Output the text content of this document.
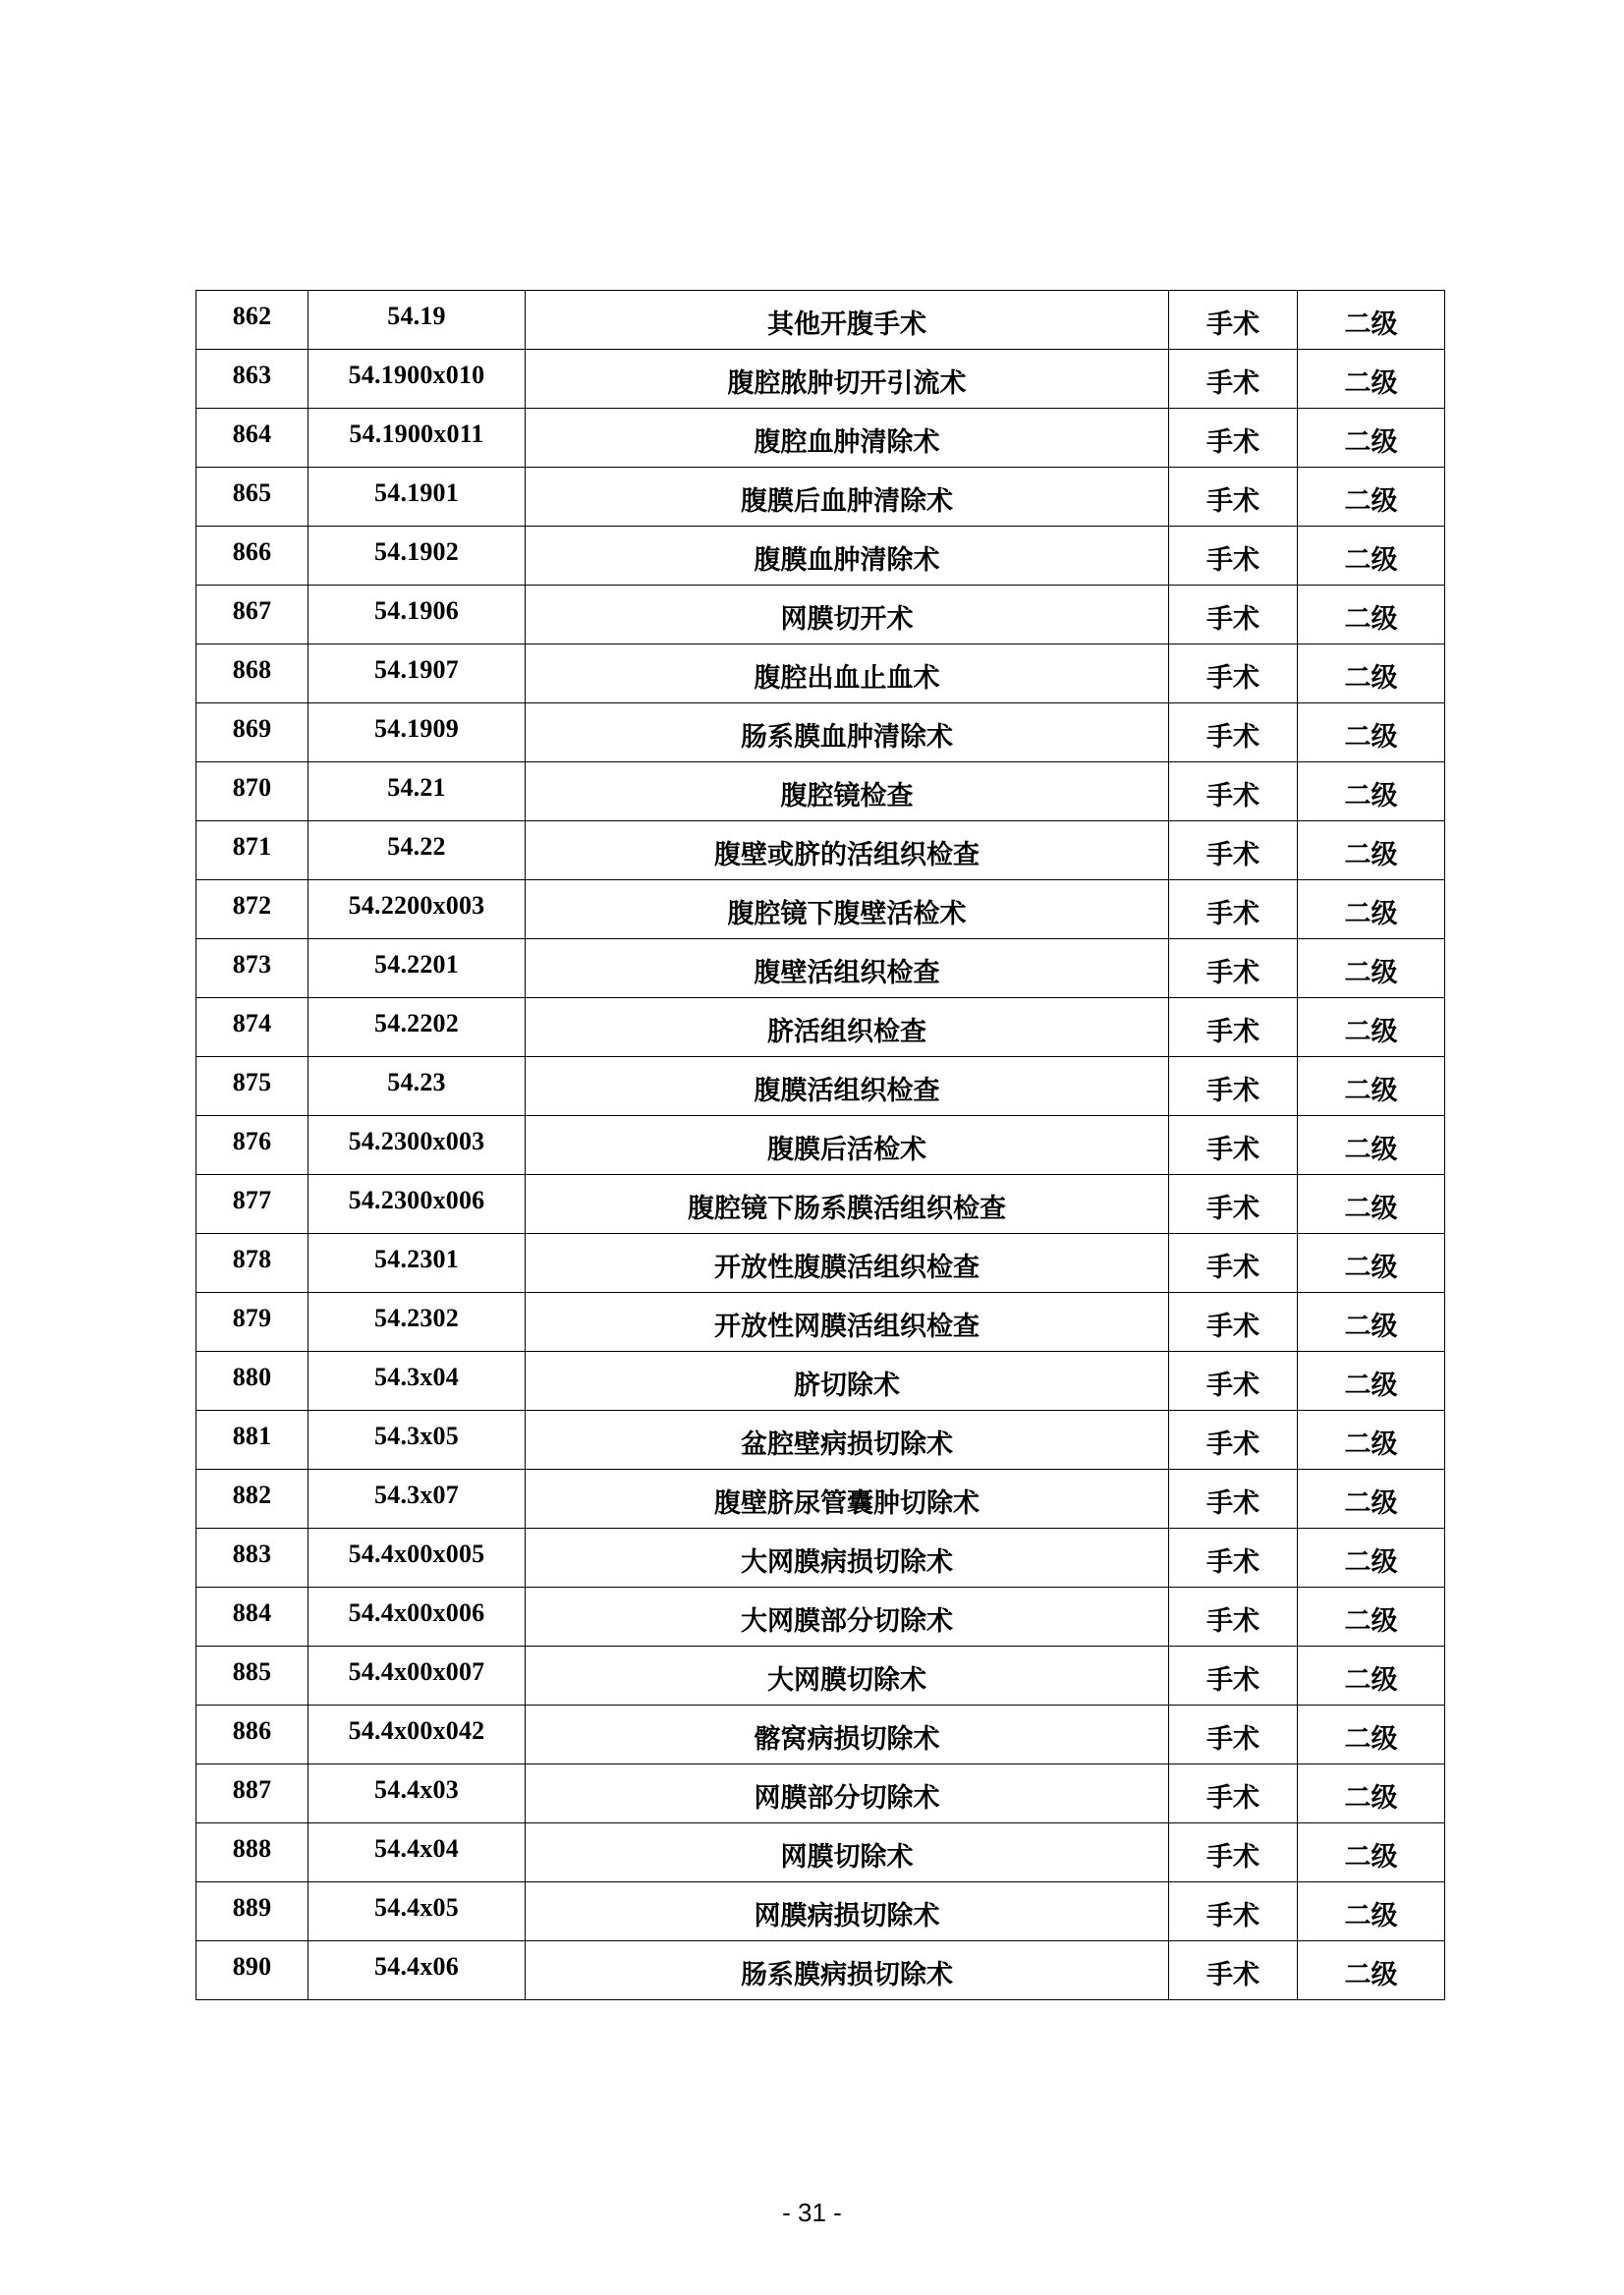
862	54.19	其他开腹手术	手术	二级
863	54.1900x010	腹腔脓肿切开引流术	手术	二级
864	54.1900x011	腹腔血肿清除术	手术	二级
865	54.1901	腹膜后血肿清除术	手术	二级
866	54.1902	腹膜血肿清除术	手术	二级
867	54.1906	网膜切开术	手术	二级
868	54.1907	腹腔出血止血术	手术	二级
869	54.1909	肠系膜血肿清除术	手术	二级
870	54.21	腹腔镜检查	手术	二级
871	54.22	腹壁或脐的活组织检查	手术	二级
872	54.2200x003	腹腔镜下腹壁活检术	手术	二级
873	54.2201	腹壁活组织检查	手术	二级
874	54.2202	脐活组织检查	手术	二级
875	54.23	腹膜活组织检查	手术	二级
876	54.2300x003	腹膜后活检术	手术	二级
877	54.2300x006	腹腔镜下肠系膜活组织检查	手术	二级
878	54.2301	开放性腹膜活组织检查	手术	二级
879	54.2302	开放性网膜活组织检查	手术	二级
880	54.3x04	脐切除术	手术	二级
881	54.3x05	盆腔壁病损切除术	手术	二级
882	54.3x07	腹壁脐尿管囊肿切除术	手术	二级
883	54.4x00x005	大网膜病损切除术	手术	二级
884	54.4x00x006	大网膜部分切除术	手术	二级
885	54.4x00x007	大网膜切除术	手术	二级
886	54.4x00x042	髂窝病损切除术	手术	二级
887	54.4x03	网膜部分切除术	手术	二级
888	54.4x04	网膜切除术	手术	二级
889	54.4x05	网膜病损切除术	手术	二级
890	54.4x06	肠系膜病损切除术	手术	二级
- 31 -
